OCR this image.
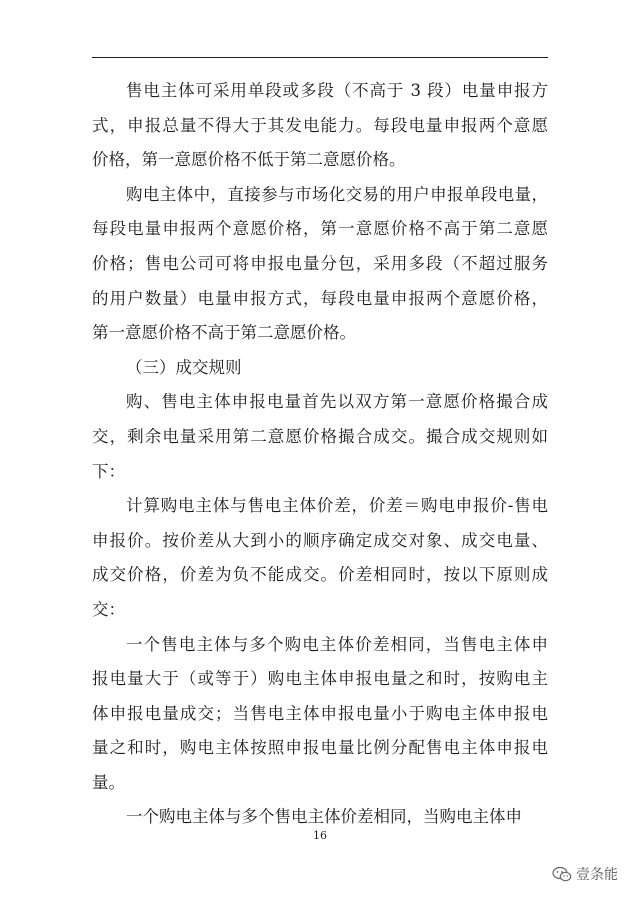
售电主体可采用单段或多段（不高于 3 段）电量申报方
式，申报总量不得大于其发电能力。每段电量申报两个意愿
价格，第一意愿价格不低于第二意愿价格。
购电主体中，直接参与市场化交易的用户申报单段电量，
每段电量申报两个意愿价格，第一意愿价格不高于第二意愿
价格；售电公司可将申报电量分包，采用多段（不超过服务
的用户数量）电量申报方式，每段电量申报两个意愿价格，
第一意愿价格不高于第二意愿价格。
（三）成交规则
购、售电主体申报电量首先以双方第一意愿价格撮合成
交，剩余电量采用第二意愿价格撮合成交。撮合成交规则如
下：
计算购电主体与售电主体价差，价差＝购电申报价-售电
申报价。按价差从大到小的顺序确定成交对象、成交电量、
成交价格，价差为负不能成交。价差相同时，按以下原则成
交：
一个售电主体与多个购电主体价差相同，当售电主体申
报电量大于（或等于）购电主体申报电量之和时，按购电主
体申报电量成交；当售电主体申报电量小于购电主体申报电
量之和时，购电主体按照申报电量比例分配售电主体申报电
量。
一个购电主体与多个售电主体价差相同，当购电主体申
16
壹条能
